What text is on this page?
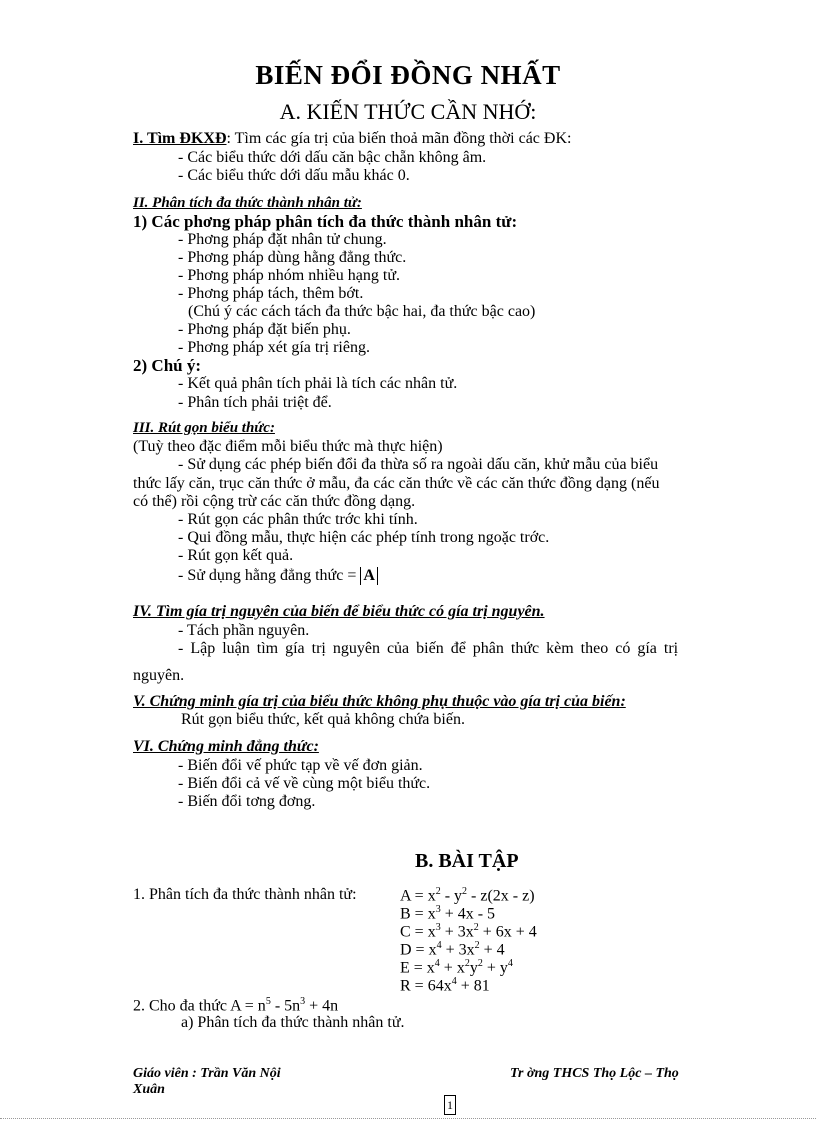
BIẾN ĐỔI ĐỒNG NHẤT
A. KIẾN THỨC CẦN NHỚ:
I. Tìm ĐKXĐ: Tìm các gía trị của biến thoả mãn đồng thời các ĐK:
- Các biểu thức dới dấu căn bậc chẵn không âm.
- Các biểu thức dới dấu mẫu khác 0.
II. Phân tích đa thức thành nhân tử:
1) Các phơng pháp phân tích đa thức thành nhân tử:
- Phơng pháp đặt nhân tử chung.
- Phơng pháp dùng hằng đẳng thức.
- Phơng pháp nhóm nhiều hạng tử.
- Phơng pháp tách, thêm bớt.
(Chú ý các cách tách đa thức bậc hai, đa thức bậc cao)
- Phơng pháp đặt biến phụ.
- Phơng pháp xét gía trị riêng.
2) Chú ý:
- Kết quả phân tích phải là tích các nhân tử.
- Phân tích phải triệt để.
III. Rút gọn biểu thức:
(Tuỳ theo đặc điểm mỗi biểu thức mà thực hiện)
- Sử dụng các phép biến đổi đa thừa số ra ngoài dấu căn, khử mẫu của biểu
thức lấy căn, trục căn thức ở mẫu, đa các căn thức về các căn thức đồng dạng (nếu
có thể) rồi cộng trừ các căn thức đồng dạng.
- Rút gọn các phân thức trớc khi tính.
- Qui đồng mẫu, thực hiện các phép tính trong ngoặc trớc.
- Rút gọn kết quả.
- Sử dụng hằng đẳng thức = A
IV. Tìm gía trị nguyên của biến để biểu thức có gía trị nguyên.
- Tách phần nguyên.
- Lập luận tìm gía trị nguyên của biến để phân thức kèm theo có gía trị
nguyên.
V. Chứng minh gía trị của biểu thức không phụ thuộc vào gía trị của biến:
Rút gọn biểu thức, kết quả không chứa biến.
VI. Chứng minh đẳng thức:
- Biến đổi vế phức tạp về vế đơn giản.
- Biến đổi cả vế về cùng một biểu thức.
- Biến đổi tơng đơng.
B. BÀI TẬP
1. Phân tích đa thức thành nhân tử:	$A = x^2 - y^2 - z(2x - z)$
$B = x^3 + 4x - 5$
$C = x^3 + 3x^2 + 6x + 4$
$D = x^4 + 3x^2 + 4$
$E = x^4 + x^2y^2 + y^4$
$R = 64x^4 + 81$
2. Cho đa thức $A = n^5 - 5n^3 + 4n$
a) Phân tích đa thức thành nhân tử.
Giáo viên : Trần Văn Nội
Xuân
Tr ờng THCS Thọ Lộc – Thọ
1
